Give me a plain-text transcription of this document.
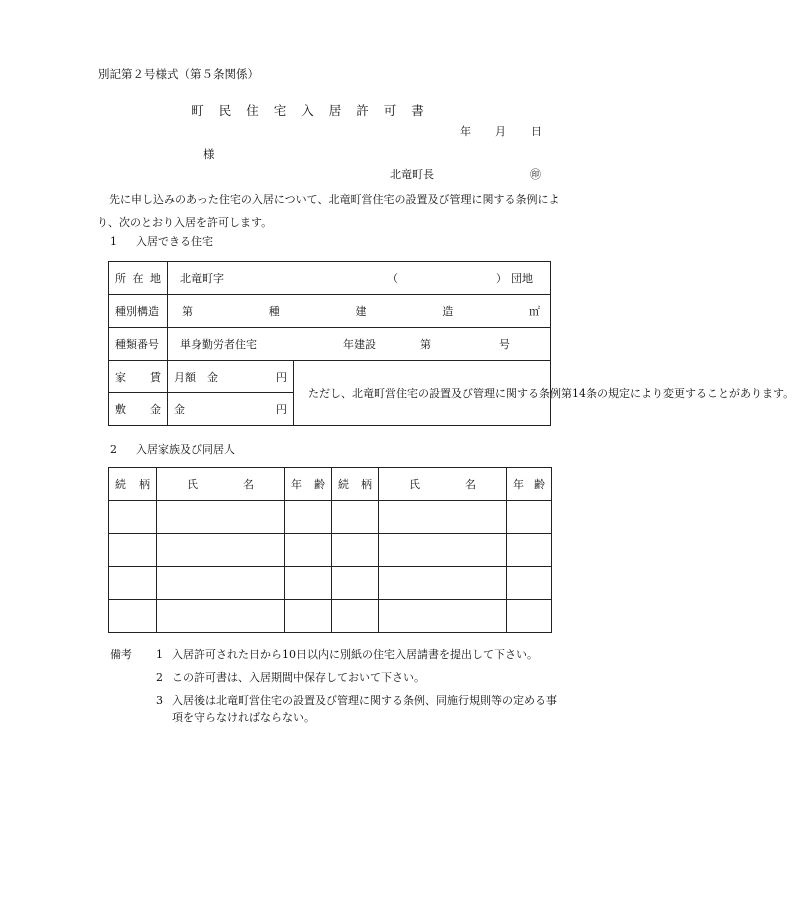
別記第２号様式（第５条関係）
町民住宅入居許可書
年 月 日
様
北竜町長	㊞
先に申し込みのあった住宅の入居について、北竜町営住宅の設置及び管理に関する条例により、次のとおり入居を許可します。
1 入居できる住宅
所 在 地	北竜町字 （ ） 団地	

種別構造	第 種 建 造 ㎡	

種類番号	単身勤労者住宅 年建設 第 号	

家 賃	月額　金 円	ただし、北竜町営住宅の設置及び管理に関する条例第14条の規定により変更することがあります。

敷 金	金 円	
2 入居家族及び同居人
続 柄	氏 名	年 齢	続 柄	氏 名	年 齢

備考	1 入居許可された日から10日以内に別紙の住宅入居請書を提出して下さい。
2 この許可書は、入居期間中保存しておいて下さい。
3 入居後は北竜町営住宅の設置及び管理に関する条例、同施行規則等の定める事項を守らなければならない。
